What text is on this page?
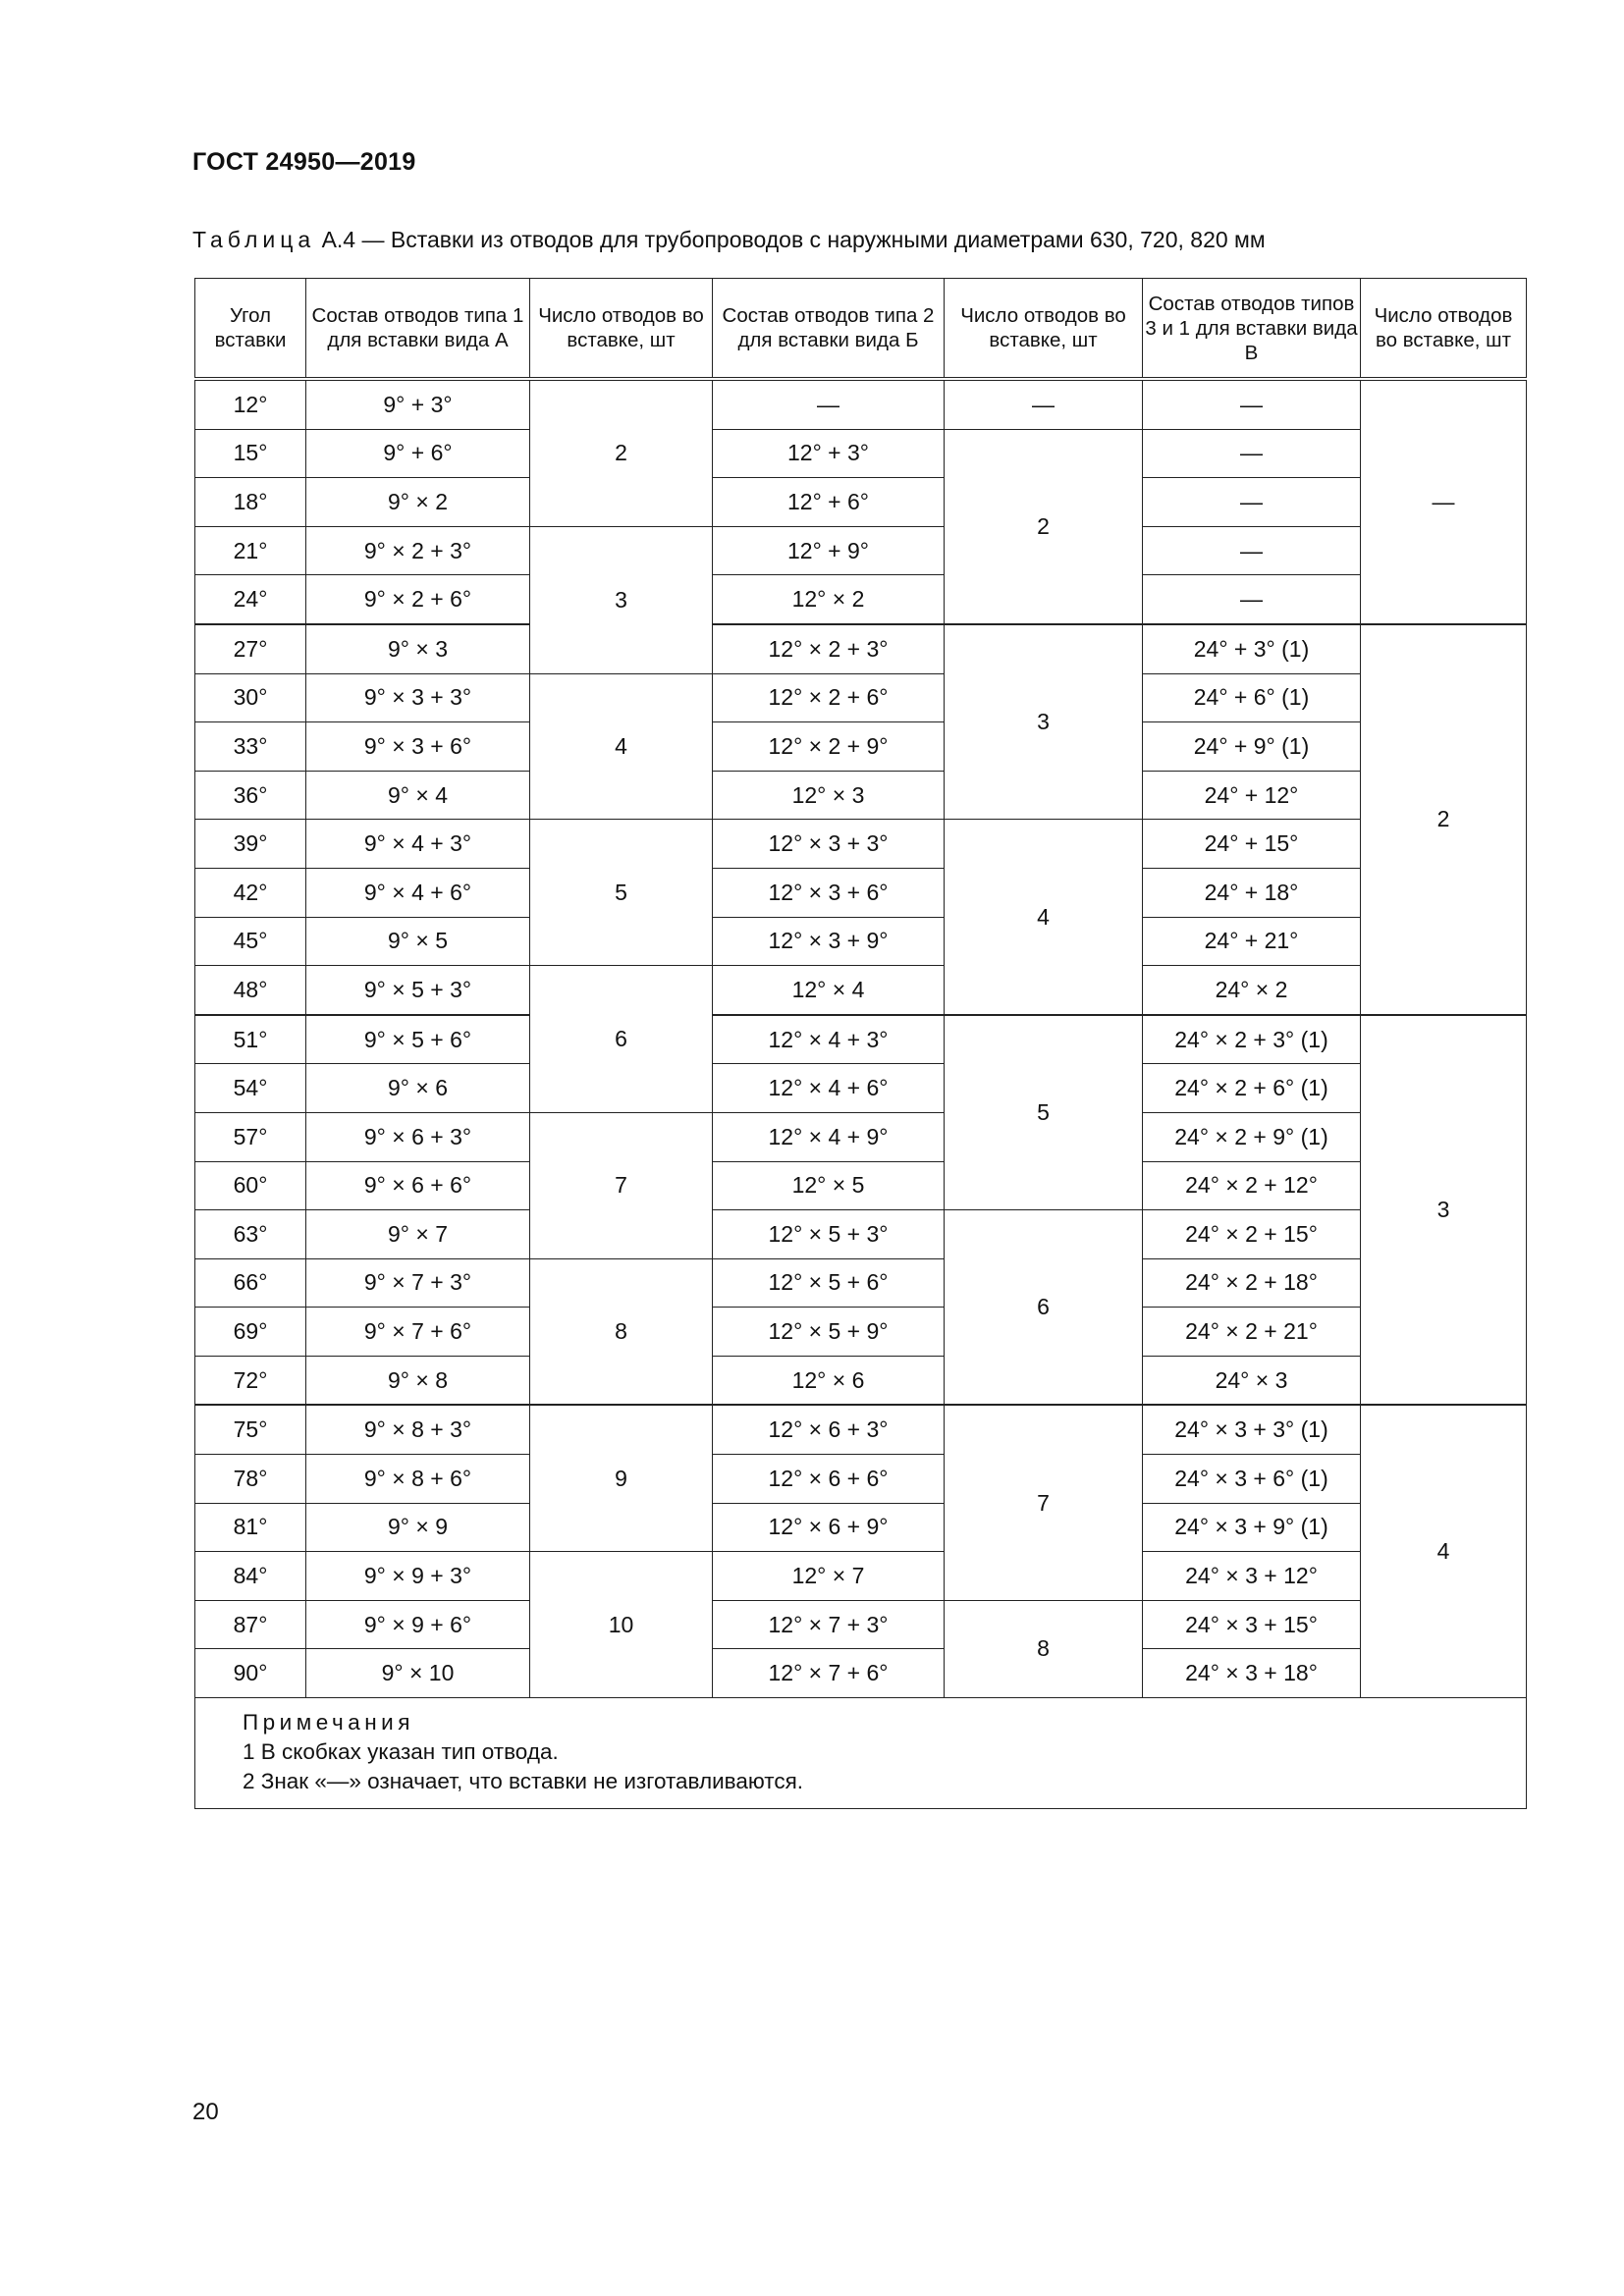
ГОСТ 24950—2019
Таблица А.4 — Вставки из отводов для трубопроводов с наружными диаметрами 630, 720, 820 мм
Угол вставки	Состав отводов типа 1 для вставки вида А	Число отводов во вставке, шт	Состав отводов типа 2 для вставки вида Б	Число отводов во вставке, шт	Состав отводов типов 3 и 1 для вставки вида В	Число отводов во вставке, шт
12°	9° + 3°	2	—	—	—	—
15°	9° + 6°		12° + 3°	2	—	
18°	9° × 2		12° + 6°		—	
21°	9° × 2 + 3°	3	12° + 9°		—	
24°	9° × 2 + 6°		12° × 2		—	
27°	9° × 3		12° × 2 + 3°	3	24° + 3° (1)	2
30°	9° × 3 + 3°	4	12° × 2 + 6°		24° + 6° (1)	
33°	9° × 3 + 6°		12° × 2 + 9°		24° + 9° (1)	
36°	9° × 4		12° × 3		24° + 12°	
39°	9° × 4 + 3°	5	12° × 3 + 3°	4	24° + 15°	
42°	9° × 4 + 6°		12° × 3 + 6°		24° + 18°	
45°	9° × 5		12° × 3 + 9°		24° + 21°	
48°	9° × 5 + 3°	6	12° × 4		24° × 2	
51°	9° × 5 + 6°		12° × 4 + 3°	5	24° × 2 + 3° (1)	3
54°	9° × 6		12° × 4 + 6°		24° × 2 + 6° (1)	
57°	9° × 6 + 3°	7	12° × 4 + 9°		24° × 2 + 9° (1)	
60°	9° × 6 + 6°		12° × 5		24° × 2 + 12°	
63°	9° × 7		12° × 5 + 3°	6	24° × 2 + 15°	
66°	9° × 7 + 3°	8	12° × 5 + 6°		24° × 2 + 18°	
69°	9° × 7 + 6°		12° × 5 + 9°		24° × 2 + 21°	
72°	9° × 8		12° × 6		24° × 3	
75°	9° × 8 + 3°	9	12° × 6 + 3°	7	24° × 3 + 3° (1)	4
78°	9° × 8 + 6°		12° × 6 + 6°		24° × 3 + 6° (1)	
81°	9° × 9		12° × 6 + 9°		24° × 3 + 9° (1)	
84°	9° × 9 + 3°	10	12° × 7		24° × 3 + 12°	
87°	9° × 9 + 6°		12° × 7 + 3°	8	24° × 3 + 15°	
90°	9° × 10		12° × 7 + 6°		24° × 3 + 18°	

Примечания
1 В скобках указан тип отвода.
2 Знак «—» означает, что вставки не изготавливаются.						
20
